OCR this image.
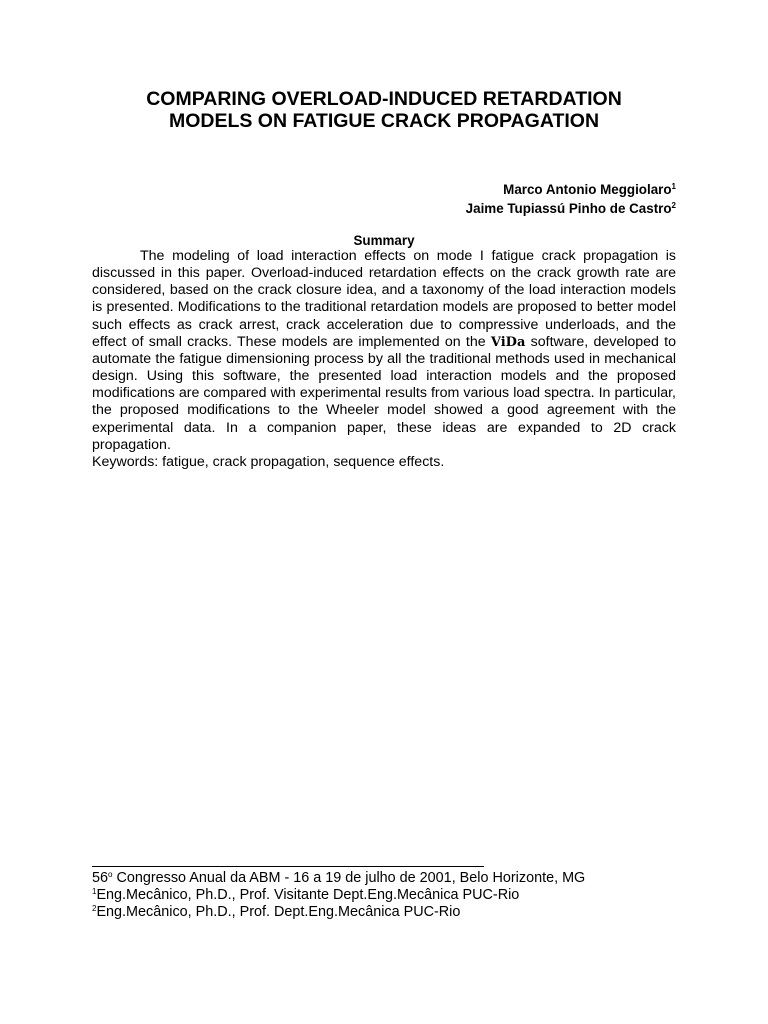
COMPARING OVERLOAD-INDUCED RETARDATION
MODELS ON FATIGUE CRACK PROPAGATION
Marco Antonio Meggiolaro$^1$
Jaime Tupiassú Pinho de Castro$^2$
Summary
The modeling of load interaction effects on mode I fatigue crack propagation is discussed in this paper. Overload-induced retardation effects on the crack growth rate are considered, based on the crack closure idea, and a taxonomy of the load interaction models is presented. Modifications to the traditional retardation models are proposed to better model such effects as crack arrest, crack acceleration due to compressive underloads, and the effect of small cracks. These models are implemented on the ViDa software, developed to automate the fatigue dimensioning process by all the traditional methods used in mechanical design. Using this software, the presented load interaction models and the proposed modifications are compared with experimental results from various load spectra. In particular, the proposed modifications to the Wheeler model showed a good agreement with the experimental data. In a companion paper, these ideas are expanded to 2D crack propagation.
Keywords: fatigue, crack propagation, sequence effects.
56$^o$ Congresso Anual da ABM - 16 a 19 de julho de 2001, Belo Horizonte, MG
$^1$Eng.Mecânico, Ph.D., Prof. Visitante Dept.Eng.Mecânica PUC-Rio
$^2$Eng.Mecânico, Ph.D., Prof. Dept.Eng.Mecânica PUC-Rio
